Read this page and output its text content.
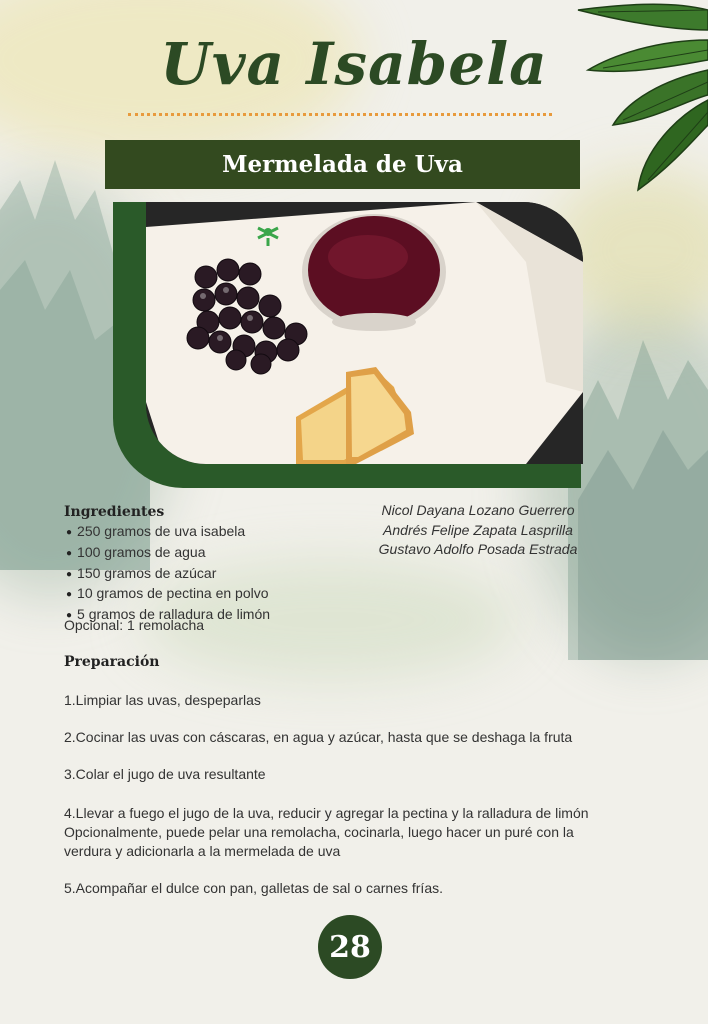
Uva Isabela
Mermelada de Uva
Ingredientes
● 250 gramos de uva isabela
● 100 gramos de agua
● 150 gramos de azúcar
● 10 gramos de pectina en polvo
● 5 gramos de ralladura de limón
Opcional: 1 remolacha
Nicol Dayana Lozano Guerrero
Andrés Felipe Zapata Lasprilla
Gustavo Adolfo Posada Estrada
Preparación
1.Limpiar las uvas, despeparlas
2.Cocinar las uvas con cáscaras, en agua y azúcar, hasta que se deshaga la fruta
3.Colar el jugo de uva resultante
4.Llevar a fuego el jugo de la uva, reducir y agregar la pectina y la ralladura de limón
Opcionalmente, puede pelar una remolacha, cocinarla, luego hacer un puré con la
verdura y adicionarla a la mermelada de uva
5.Acompañar el dulce con pan, galletas de sal o carnes frías.
28
